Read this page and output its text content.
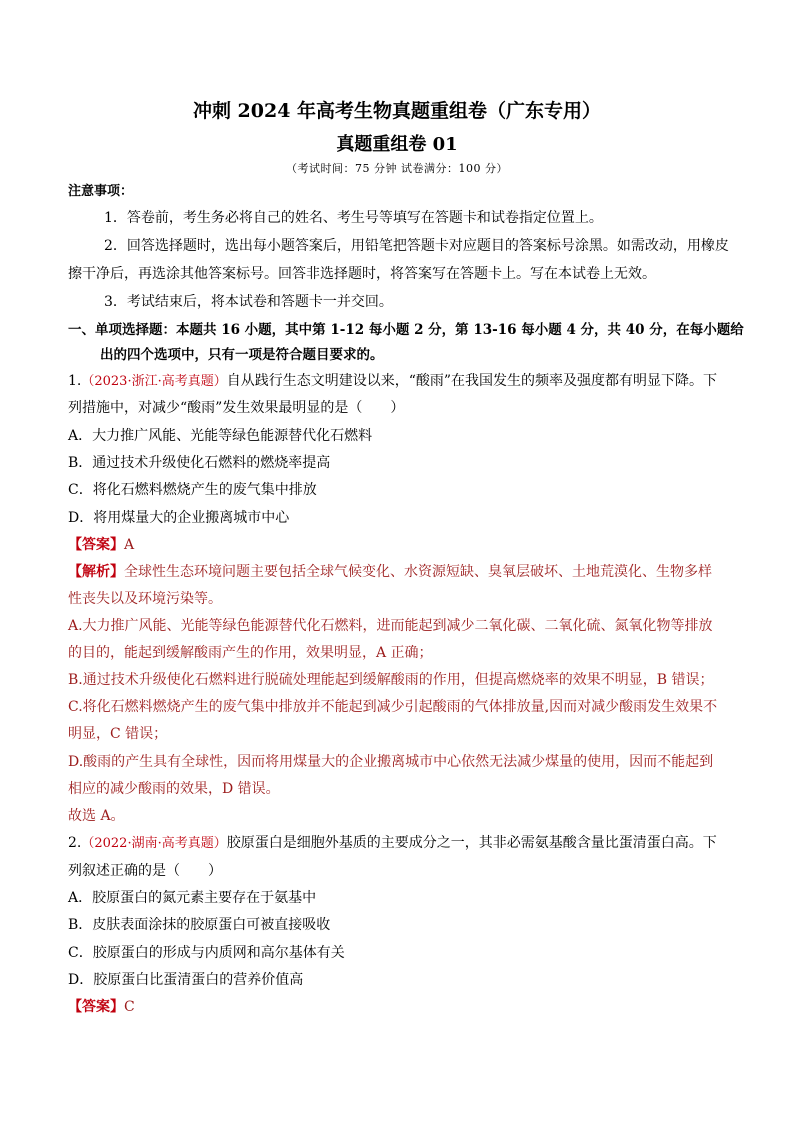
冲刺 2024 年高考生物真题重组卷（广东专用）
真题重组卷 01
（考试时间：75 分钟 试卷满分：100 分）
注意事项：
1．答卷前，考生务必将自己的姓名、考生号等填写在答题卡和试卷指定位置上。
2．回答选择题时，选出每小题答案后，用铅笔把答题卡对应题目的答案标号涂黑。如需改动，用橡皮
擦干净后，再选涂其他答案标号。回答非选择题时，将答案写在答题卡上。写在本试卷上无效。
3．考试结束后，将本试卷和答题卡一并交回。
一、单项选择题：本题共 16 小题，其中第 1-12 每小题 2 分，第 13-16 每小题 4 分，共 40 分，在每小题给
出的四个选项中，只有一项是符合题目要求的。
1.（2023·浙江·高考真题）自从践行生态文明建设以来，“酸雨”在我国发生的频率及强度都有明显下降。下
列措施中，对减少“酸雨”发生效果最明显的是（　　）
A．大力推广风能、光能等绿色能源替代化石燃料
B．通过技术升级使化石燃料的燃烧率提高
C．将化石燃料燃烧产生的废气集中排放
D．将用煤量大的企业搬离城市中心
【答案】A
【解析】全球性生态环境问题主要包括全球气候变化、水资源短缺、臭氧层破坏、土地荒漠化、生物多样
性丧失以及环境污染等。
A.大力推广风能、光能等绿色能源替代化石燃料，进而能起到减少二氧化碳、二氧化硫、氮氧化物等排放
的目的，能起到缓解酸雨产生的作用，效果明显，A 正确；
B.通过技术升级使化石燃料进行脱硫处理能起到缓解酸雨的作用，但提高燃烧率的效果不明显，B 错误；
C.将化石燃料燃烧产生的废气集中排放并不能起到减少引起酸雨的气体排放量,因而对减少酸雨发生效果不
明显，C 错误；
D.酸雨的产生具有全球性，因而将用煤量大的企业搬离城市中心依然无法减少煤量的使用，因而不能起到
相应的减少酸雨的效果，D 错误。
故选 A。
2.（2022·湖南·高考真题）胶原蛋白是细胞外基质的主要成分之一，其非必需氨基酸含量比蛋清蛋白高。下
列叙述正确的是（　　）
A．胶原蛋白的氮元素主要存在于氨基中
B．皮肤表面涂抹的胶原蛋白可被直接吸收
C．胶原蛋白的形成与内质网和高尔基体有关
D．胶原蛋白比蛋清蛋白的营养价值高
【答案】C
